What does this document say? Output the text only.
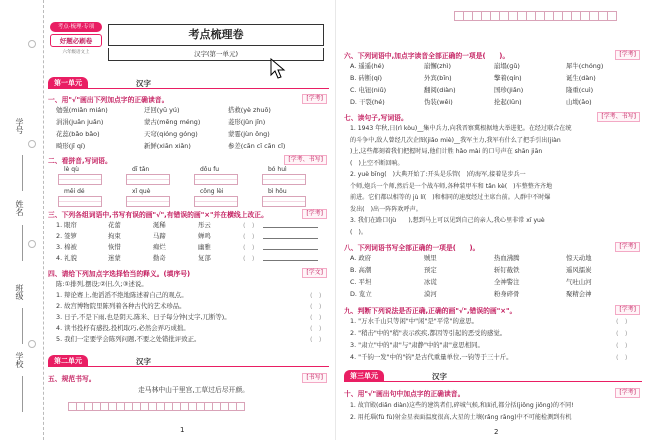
学号
姓名
班级
学校
考点·梳理·专项
好题必刷卷
六年级语文上
考点梳理卷
汉字(第一单元)
第一单元	汉字
一、用"√"画出下列加点字的正确读音。	[学考]
勉强(miǎn mián)	迂回(yū yú)	搭救(yè zhuō)
涓涓(juān juǎn)	蒙古(mēng méng)	菱形(jǔn jīn)
花蕊(bǎo bǎo)	天穹(qióng góng)	蒙霎(jùn ǒng)
畸形(jī qí)	新鲜(xiān xiǎn)	参差(cān cī cān cǐ)
二、看拼音,写词语。	[学考、书写]
lè qù	dī tǎn	dǒu fu	bó huì
měi dé	xǐ què	cōng lèi	bì hǒu
三、下列各组词语中,书写有误的画"√",有错误的画"×"并在横线上改正。	[学考]
1. 眼帘	花蕾	涎稀	彤云	(　)
2. 签箩	拘束	马蹄	蝉鸣	(　)
3. 棉被	恢惜	痴烂	幽雅	(　)
4. 礼貌	迷蒙	勤奇	复部	(　)
四、请给下列加点字选择恰当的释义。(填序号)	[学文]
陈:①排列,摆设;②旧,久;③述说。
1. 辩论赛上,他滔滔不绝地陈述着自己的观点。	(　)
2. 故宫博物院里陈列着各种古代的艺术珍品。	(　)
3. 日子,不是下雨,也是阴天,陈米、日子每分钟(丈字,兀断等)。	(　)
4. 读书投杼有感投,投机取巧,必然会弄巧成拙。	(　)
5. 我们一定要学会陈列问题,不要之处错批评致正。	(　)
第二单元	汉字
五、规范书写。	[书写]
走马林中山干里宫,工草过后尽开颜。
1
六、下列词语中,加点字读音全部正确的一项是(　　)。	[学考]
A. 遥遥(hé)	崩懈(zhì)	崩塌(ɡǔ)	犀牛(chóng)
B. 砖断(qí)	外宾(bīn)	擎着(qín)	诞生(dàn)
C. 电钮(niǔ)	翻阅(diàn)	国珍(jiǎn)	隆重(cuì)
D. 干裂(hé)	伪装(wěi)	抡起(lūn)	山坳(āo)
七、读句子,写词语。	[学考、书写]
1. 1943 年秋,日(rì kòu)__集中兵力,向我晋察冀根据地大举进犯。在经过联合在统
的斗争中,敌人曾经几次企图(jiǎo miè)__我军主力,我军有什么了把手引出(jiàn
)上,这些都刻着我们把握时局,他们计胜 hǎo mài 的口号声在 shān jiān
(　)上空不断回响。
2. yuè bīng(　)大典开始了:开头是乐管(　)的海军,接着是步兵一
个师,炮兵一个师,然后是一个战车师,各种装甲车和 tǎn kè(　)车整整齐齐地
前进。它们都以相等的 jù lí(　)和相同的速度经过主席台前。人群中不时爆
发出(　)出一阵阵欢呼声。
3. 我们在路口(jù　　),想到马上可以见到自己的亲人,我心里非常 xī yuè
(　)。
八、下列词语书写全部正确的一项是(　　)。	[学考]
A. 政府	贼里	热血沸腾	惊天动地
B. 高潮	预定	斩钉截铁	遥风擂炭
C. 平坦	冰谎	全神警注	气吐山河
D. 览立	漠河	粉身碎骨	聚精会神
九、判断下列说法是否正确,正确的画"√",错误的画"×"。	[学考]
1. "万水千山只等闲"中"闲"是"平常"的意思。	(　)
2. "稍击"中的"稍"表示疾疾,都因等引起的恶受的感觉。	(　)
3. "肃立"中的"肃"与"肃静"中的"肃"意思相同。	(　)
4. "千钧一发"中的"钧"是古代重量单位,一钧等于三十斤。	(　)
第三单元	汉字
十、用"√"画出句中加点字的正确读音。	[学考]
1. 故宫殿(diǎn diàn)这些的建筑者们,碎城气候,和面孔都分括(jiǒng jiōng)的不同!
2. 用托瑙(fù fù)射金星表面温度很高,大星的土壤(rǎng rāng)中不可能检测到有机
2
